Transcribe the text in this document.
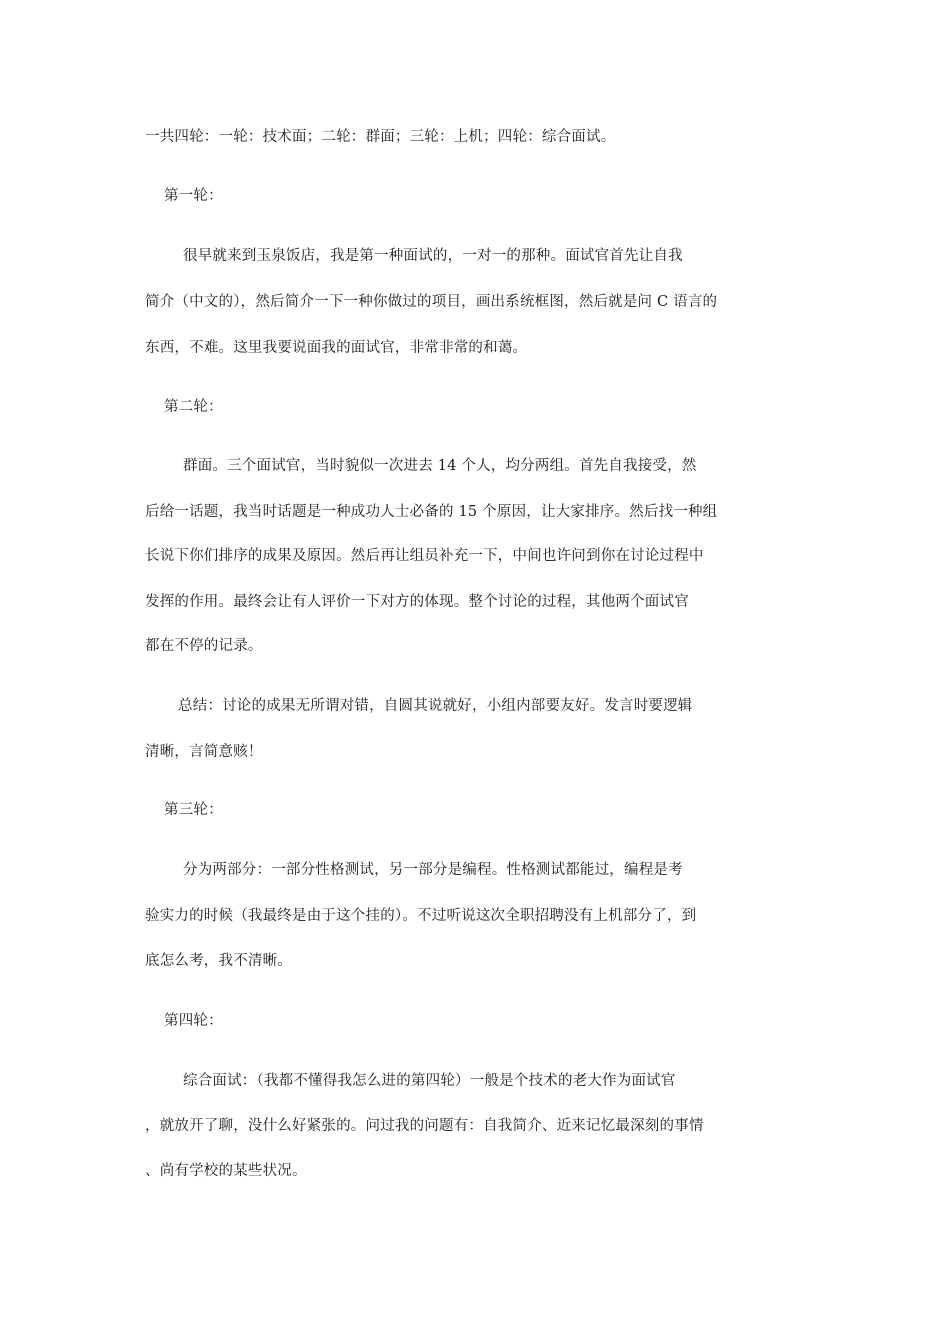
一共四轮：一轮：技术面；二轮：群面；三轮：上机；四轮：综合面试。
第一轮：
很早就来到玉泉饭店，我是第一种面试的，一对一的那种。面试官首先让自我
简介（中文的），然后简介一下一种你做过的项目，画出系统框图，然后就是问 C 语言的
东西，不难。这里我要说面我的面试官，非常非常的和蔼。
第二轮：
群面。三个面试官，当时貌似一次进去 14 个人，均分两组。首先自我接受，然
后给一话题，我当时话题是一种成功人士必备的 15 个原因，让大家排序。然后找一种组
长说下你们排序的成果及原因。然后再让组员补充一下，中间也许问到你在讨论过程中
发挥的作用。最终会让有人评价一下对方的体现。整个讨论的过程，其他两个面试官
都在不停的记录。
总结：讨论的成果无所谓对错，自圆其说就好，小组内部要友好。发言时要逻辑
清晰，言简意赅！
第三轮：
分为两部分：一部分性格测试，另一部分是编程。性格测试都能过，编程是考
验实力的时候（我最终是由于这个挂的）。不过听说这次全职招聘没有上机部分了，到
底怎么考，我不清晰。
第四轮：
综合面试：（我都不懂得我怎么进的第四轮）一般是个技术的老大作为面试官
，就放开了聊，没什么好紧张的。问过我的问题有：自我简介、近来记忆最深刻的事情
、尚有学校的某些状况。
